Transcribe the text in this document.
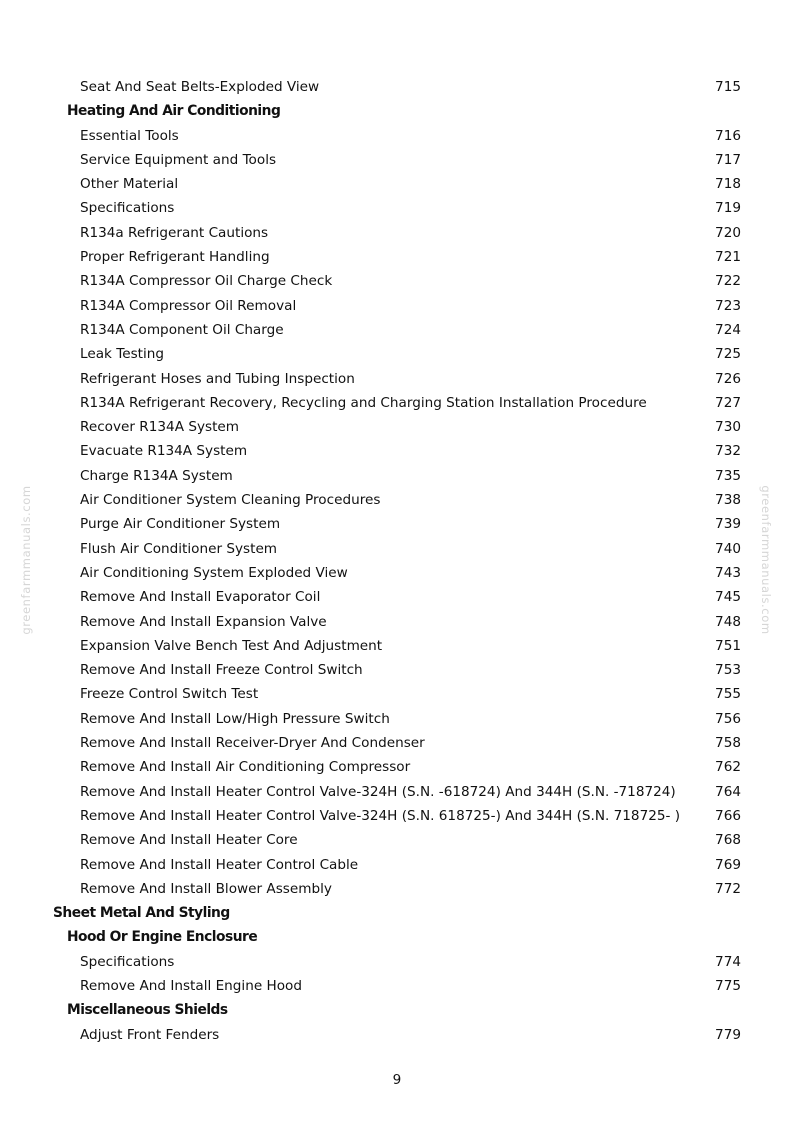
Seat And Seat Belts-Exploded View	715
Heating And Air Conditioning
Essential Tools	716
Service Equipment and Tools	717
Other Material	718
Specifications	719
R134a Refrigerant Cautions	720
Proper Refrigerant Handling	721
R134A Compressor Oil Charge Check	722
R134A Compressor Oil Removal	723
R134A Component Oil Charge	724
Leak Testing	725
Refrigerant Hoses and Tubing Inspection	726
R134A Refrigerant Recovery, Recycling and Charging Station Installation Procedure	727
Recover R134A System	730
Evacuate R134A System	732
Charge R134A System	735
Air Conditioner System Cleaning Procedures	738
Purge Air Conditioner System	739
Flush Air Conditioner System	740
Air Conditioning System Exploded View	743
Remove And Install Evaporator Coil	745
Remove And Install Expansion Valve	748
Expansion Valve Bench Test And Adjustment	751
Remove And Install Freeze Control Switch	753
Freeze Control Switch Test	755
Remove And Install Low/High Pressure Switch	756
Remove And Install Receiver-Dryer And Condenser	758
Remove And Install Air Conditioning Compressor	762
Remove And Install Heater Control Valve-324H (S.N. -618724) And 344H (S.N. -718724)	764
Remove And Install Heater Control Valve-324H (S.N. 618725-) And 344H (S.N. 718725- )	766
Remove And Install Heater Core	768
Remove And Install Heater Control Cable	769
Remove And Install Blower Assembly	772
Sheet Metal And Styling
Hood Or Engine Enclosure
Specifications	774
Remove And Install Engine Hood	775
Miscellaneous Shields
Adjust Front Fenders	779
greenfarmmanuals.com	greenfarmmanuals.com
9
